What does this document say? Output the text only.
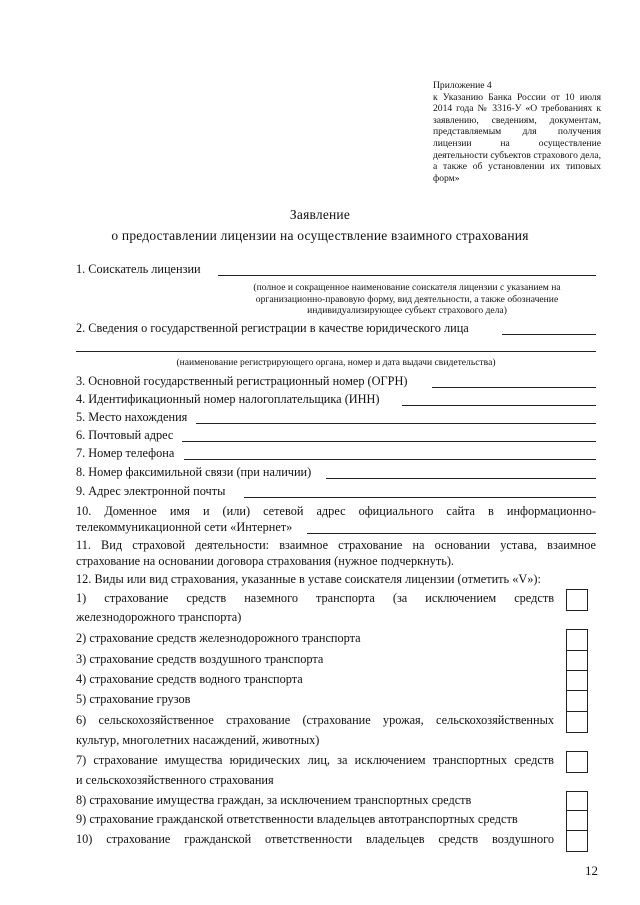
Приложение 4
к Указанию Банка России от 10 июля 2014 года № 3316-У «О требованиях к заявлению, сведениям, документам, представляемым для получения лицензии на осуществление деятельности субъектов страхового дела, а также об установлении их типовых форм»
Заявление
о предоставлении лицензии на осуществление взаимного страхования
1. Соискатель лицензии
(полное и сокращенное наименование соискателя лицензии с указанием на организационно-правовую форму, вид деятельности, а также обозначение индивидуализирующее субъект страхового дела)
2. Сведения о государственной регистрации в качестве юридического лица
(наименование регистрирующего органа, номер и дата выдачи свидетельства)
3. Основной государственный регистрационный номер (ОГРН)
4. Идентификационный номер налогоплательщика (ИНН)
5. Место нахождения
6. Почтовый адрес
7. Номер телефона
8. Номер факсимильной связи (при наличии)
9. Адрес электронной почты
10. Доменное имя и (или) сетевой адрес официального сайта в информационно-
телекоммуникационной сети «Интернет»
11. Вид страховой деятельности: взаимное страхование на основании устава, взаимное
страхование на основании договора страхования (нужное подчеркнуть).
12. Виды или вид страхования, указанные в уставе соискателя лицензии (отметить «V»):
1) страхование средств наземного транспорта (за исключением средств
железнодорожного транспорта)
2) страхование средств железнодорожного транспорта
3) страхование средств воздушного транспорта
4) страхование средств водного транспорта
5) страхование грузов
6) сельскохозяйственное страхование (страхование урожая, сельскохозяйственных
культур, многолетних насаждений, животных)
7) страхование имущества юридических лиц, за исключением транспортных средств
и сельскохозяйственного страхования
8) страхование имущества граждан, за исключением транспортных средств
9) страхование гражданской ответственности владельцев автотранспортных средств
10) страхование гражданской ответственности владельцев средств воздушного
12
